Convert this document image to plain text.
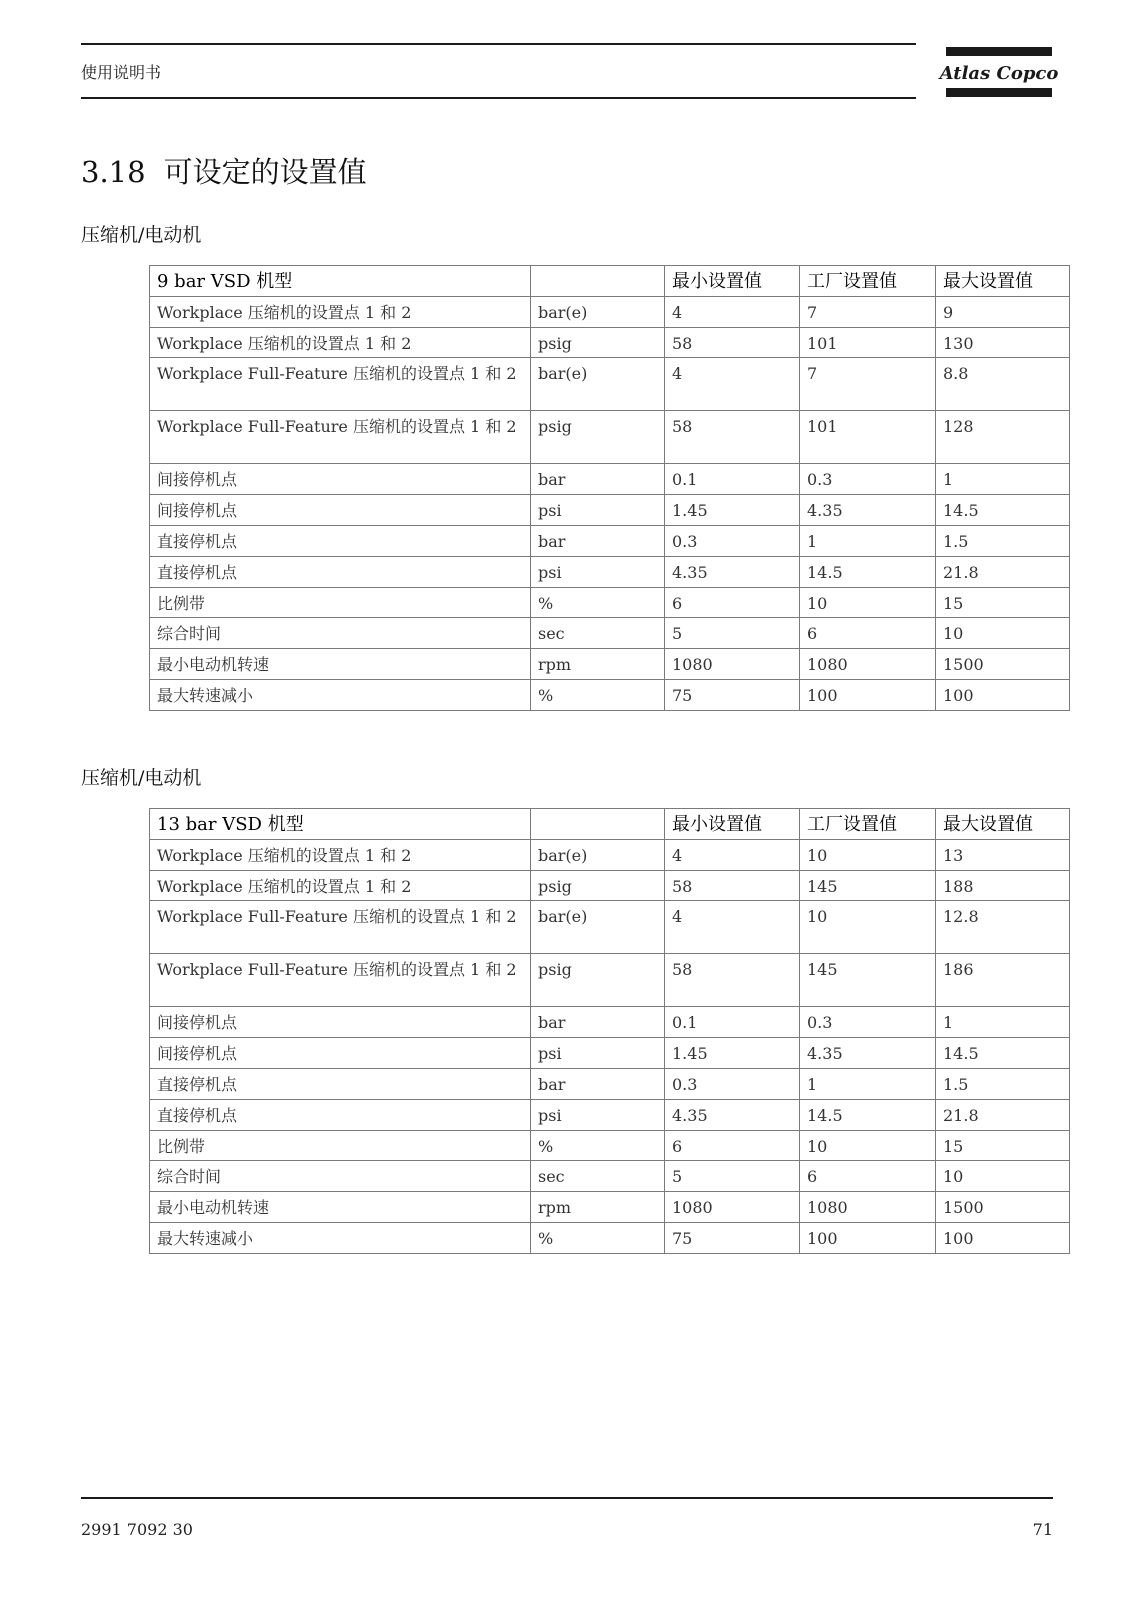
使用说明书	Atlas Copco
3.18 可设定的设置值
压缩机/电动机
9 bar VSD 机型		最小设置值	工厂设置值	最大设置值
Workplace 压缩机的设置点 1 和 2	bar(e)	4	7	9
Workplace 压缩机的设置点 1 和 2	psig	58	101	130
Workplace Full-Feature 压缩机的设置点 1 和 2	bar(e)	4	7	8.8
Workplace Full-Feature 压缩机的设置点 1 和 2	psig	58	101	128
间接停机点	bar	0.1	0.3	1
间接停机点	psi	1.45	4.35	14.5
直接停机点	bar	0.3	1	1.5
直接停机点	psi	4.35	14.5	21.8
比例带	%	6	10	15
综合时间	sec	5	6	10
最小电动机转速	rpm	1080	1080	1500
最大转速减小	%	75	100	100
压缩机/电动机
13 bar VSD 机型		最小设置值	工厂设置值	最大设置值
Workplace 压缩机的设置点 1 和 2	bar(e)	4	10	13
Workplace 压缩机的设置点 1 和 2	psig	58	145	188
Workplace Full-Feature 压缩机的设置点 1 和 2	bar(e)	4	10	12.8
Workplace Full-Feature 压缩机的设置点 1 和 2	psig	58	145	186
间接停机点	bar	0.1	0.3	1
间接停机点	psi	1.45	4.35	14.5
直接停机点	bar	0.3	1	1.5
直接停机点	psi	4.35	14.5	21.8
比例带	%	6	10	15
综合时间	sec	5	6	10
最小电动机转速	rpm	1080	1080	1500
最大转速减小	%	75	100	100
2991 7092 30	71
